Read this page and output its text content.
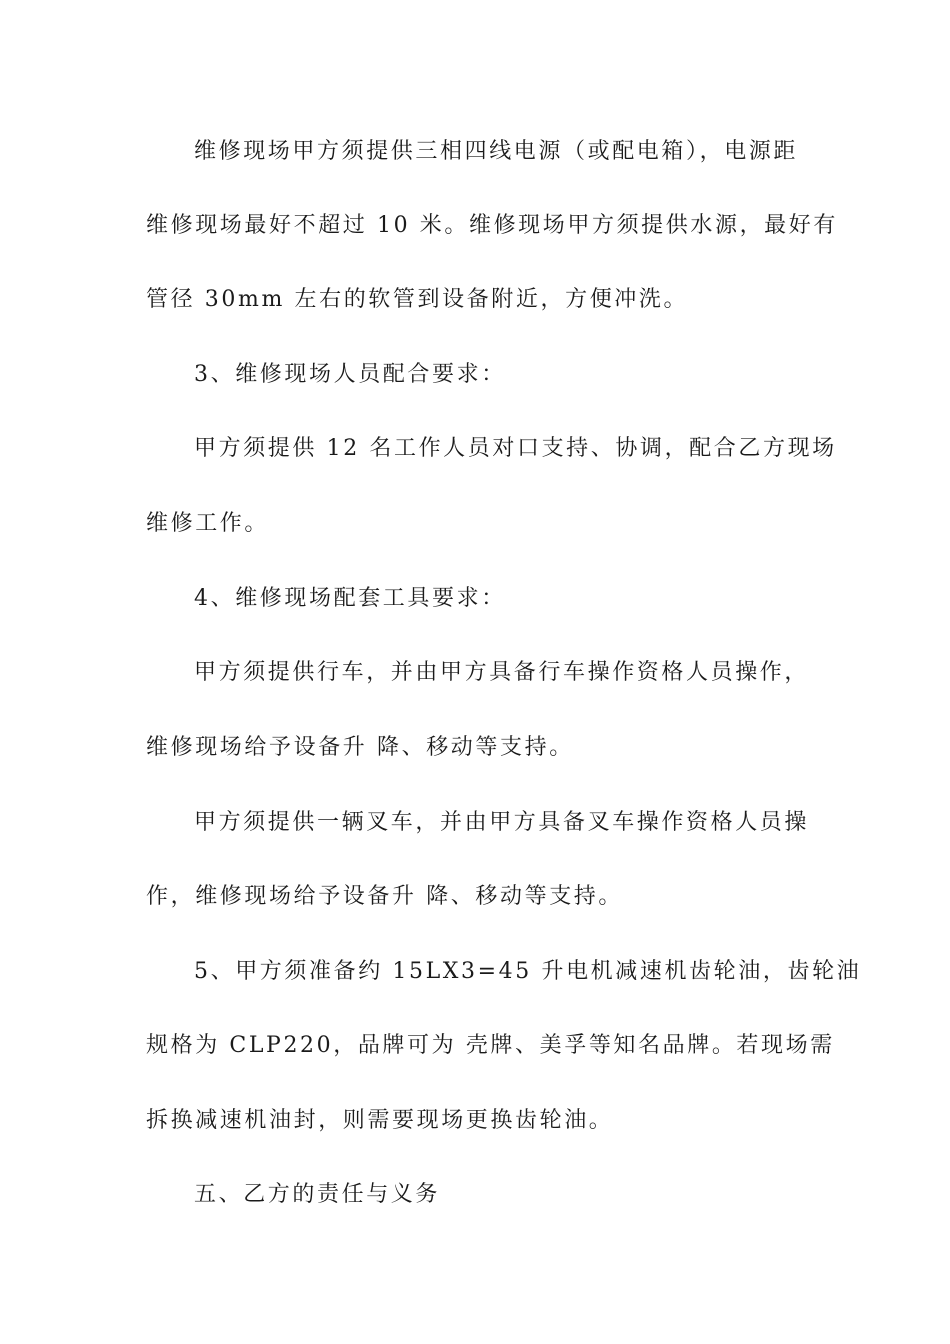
维修现场甲方须提供三相四线电源（或配电箱），电源距
维修现场最好不超过 10 米。维修现场甲方须提供水源，最好有
管径 30mm 左右的软管到设备附近，方便冲洗。
3、维修现场人员配合要求：
甲方须提供 12 名工作人员对口支持、协调，配合乙方现场
维修工作。
4、维修现场配套工具要求：
甲方须提供行车，并由甲方具备行车操作资格人员操作，
维修现场给予设备升 降、移动等支持。
甲方须提供一辆叉车，并由甲方具备叉车操作资格人员操
作，维修现场给予设备升 降、移动等支持。
5、甲方须准备约 15LX3=45 升电机减速机齿轮油，齿轮油
规格为 CLP220，品牌可为 壳牌、美孚等知名品牌。若现场需
拆换减速机油封，则需要现场更换齿轮油。
五、乙方的责任与义务
